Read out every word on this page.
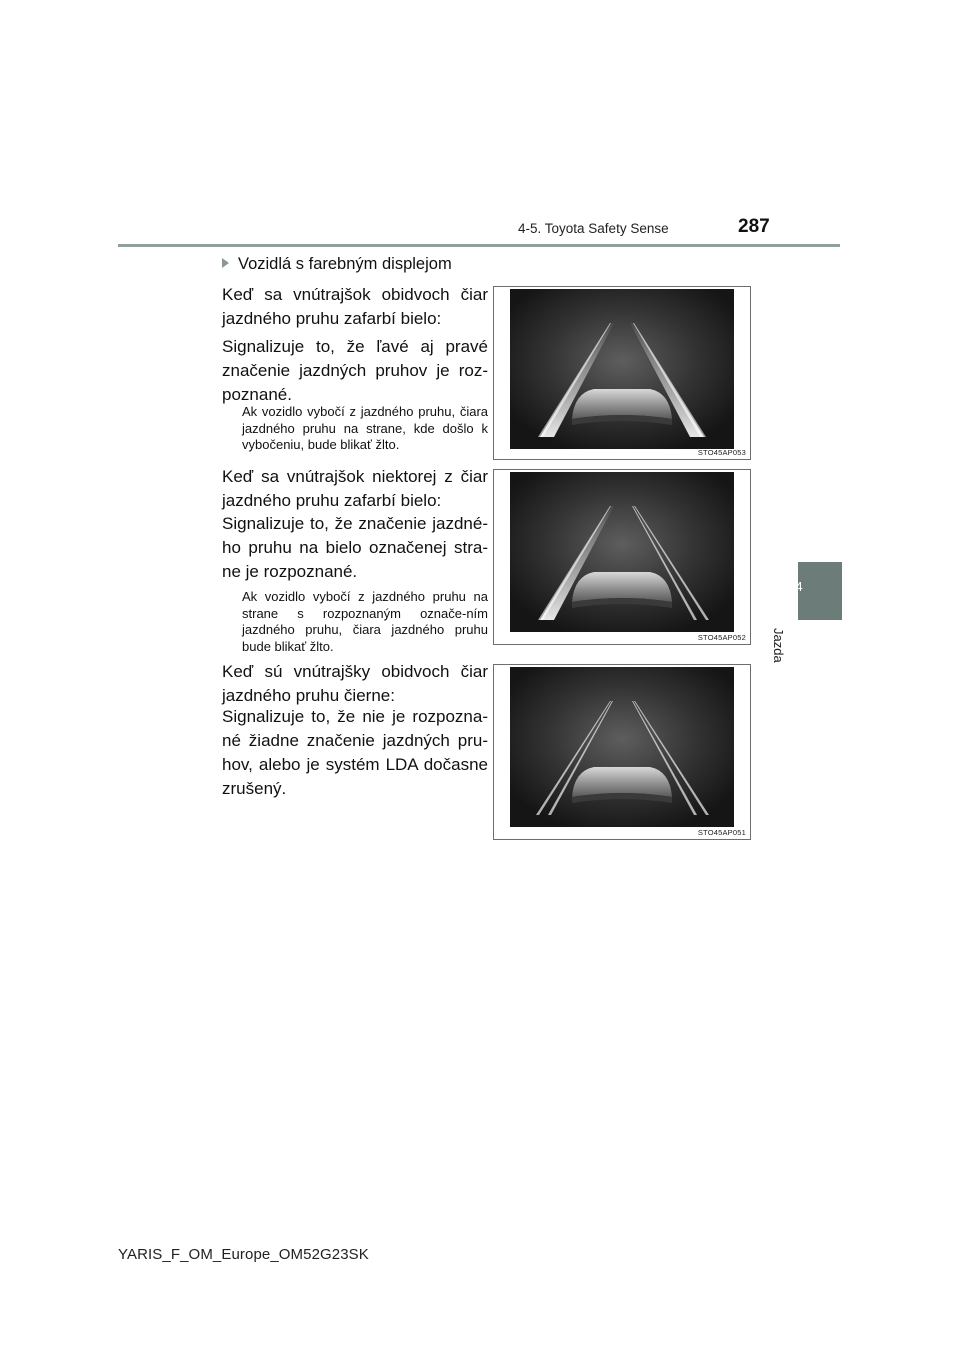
4-5. Toyota Safety Sense	287
4
Jazda
Vozidlá s farebným displejom

Keď sa vnútrajšok obidvoch čiar jazdného pruhu zafarbí bielo:

Signalizuje to, že ľavé aj pravé značenie jazdných pruhov je roz-poznané.

Ak vozidlo vybočí z jazdného pruhu, čiara jazdného pruhu na strane, kde došlo k vybočeniu, bude blikať žlto.

STO45AP053

Keď sa vnútrajšok niektorej z čiar jazdného pruhu zafarbí bielo:

Signalizuje to, že značenie jazdné-ho pruhu na bielo označenej stra-ne je rozpoznané.

Ak vozidlo vybočí z jazdného pruhu na strane s rozpoznaným označe-ním jazdného pruhu, čiara jazdného pruhu bude blikať žlto.

STO45AP052

Keď sú vnútrajšky obidvoch čiar jazdného pruhu čierne:

Signalizuje to, že nie je rozpozna-né žiadne značenie jazdných pru-hov, alebo je systém LDA dočasne zrušený.

STO45AP051
YARIS_F_OM_Europe_OM52G23SK
